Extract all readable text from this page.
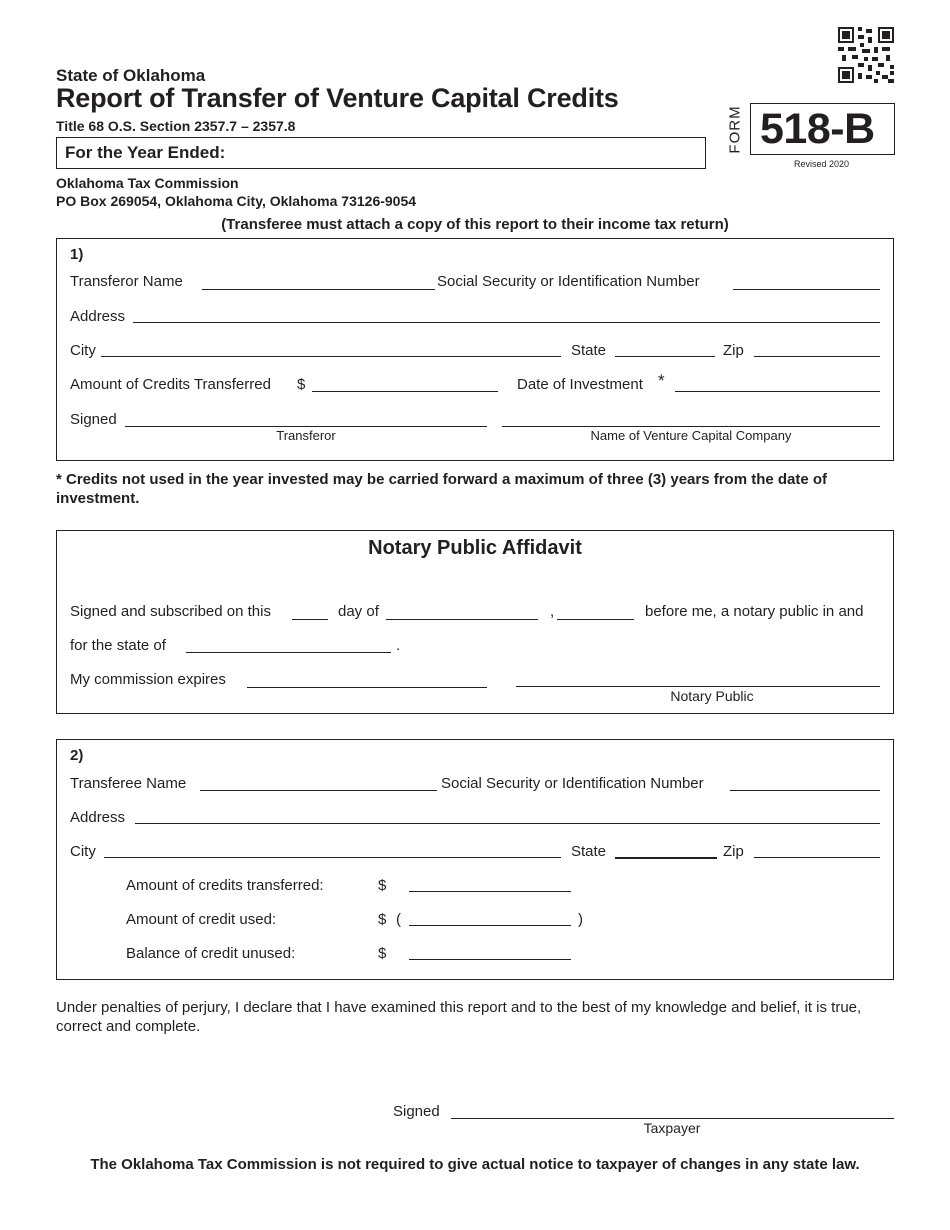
State of Oklahoma
Report of Transfer of Venture Capital Credits
Title 68 O.S. Section 2357.7 – 2357.8
For the Year Ended:	FORM 518-B
Revised 2020
Oklahoma Tax Commission
PO Box 269054, Oklahoma City, Oklahoma 73126-9054
(Transferee must attach a copy of this report to their income tax return)
1)
Transferor Name	Social Security or Identification Number
Address
City	State	Zip
Amount of Credits Transferred $	Date of Investment *
Signed
Transferor	Name of Venture Capital Company
* Credits not used in the year invested may be carried forward a maximum of three (3) years from the date of investment.
Notary Public Affidavit
Signed and subscribed on this	day of	,	before me, a notary public in and
for the state of	.
My commission expires
Notary Public
2)
Transferee Name	Social Security or Identification Number
Address
City	State	Zip
Amount of credits transferred:	$
Amount of credit used:	$ (	)
Balance of credit unused:	$
Under penalties of perjury, I declare that I have examined this report and to the best of my knowledge and belief, it is true, correct and complete.
Signed
Taxpayer
The Oklahoma Tax Commission is not required to give actual notice to taxpayer of changes in any state law.
